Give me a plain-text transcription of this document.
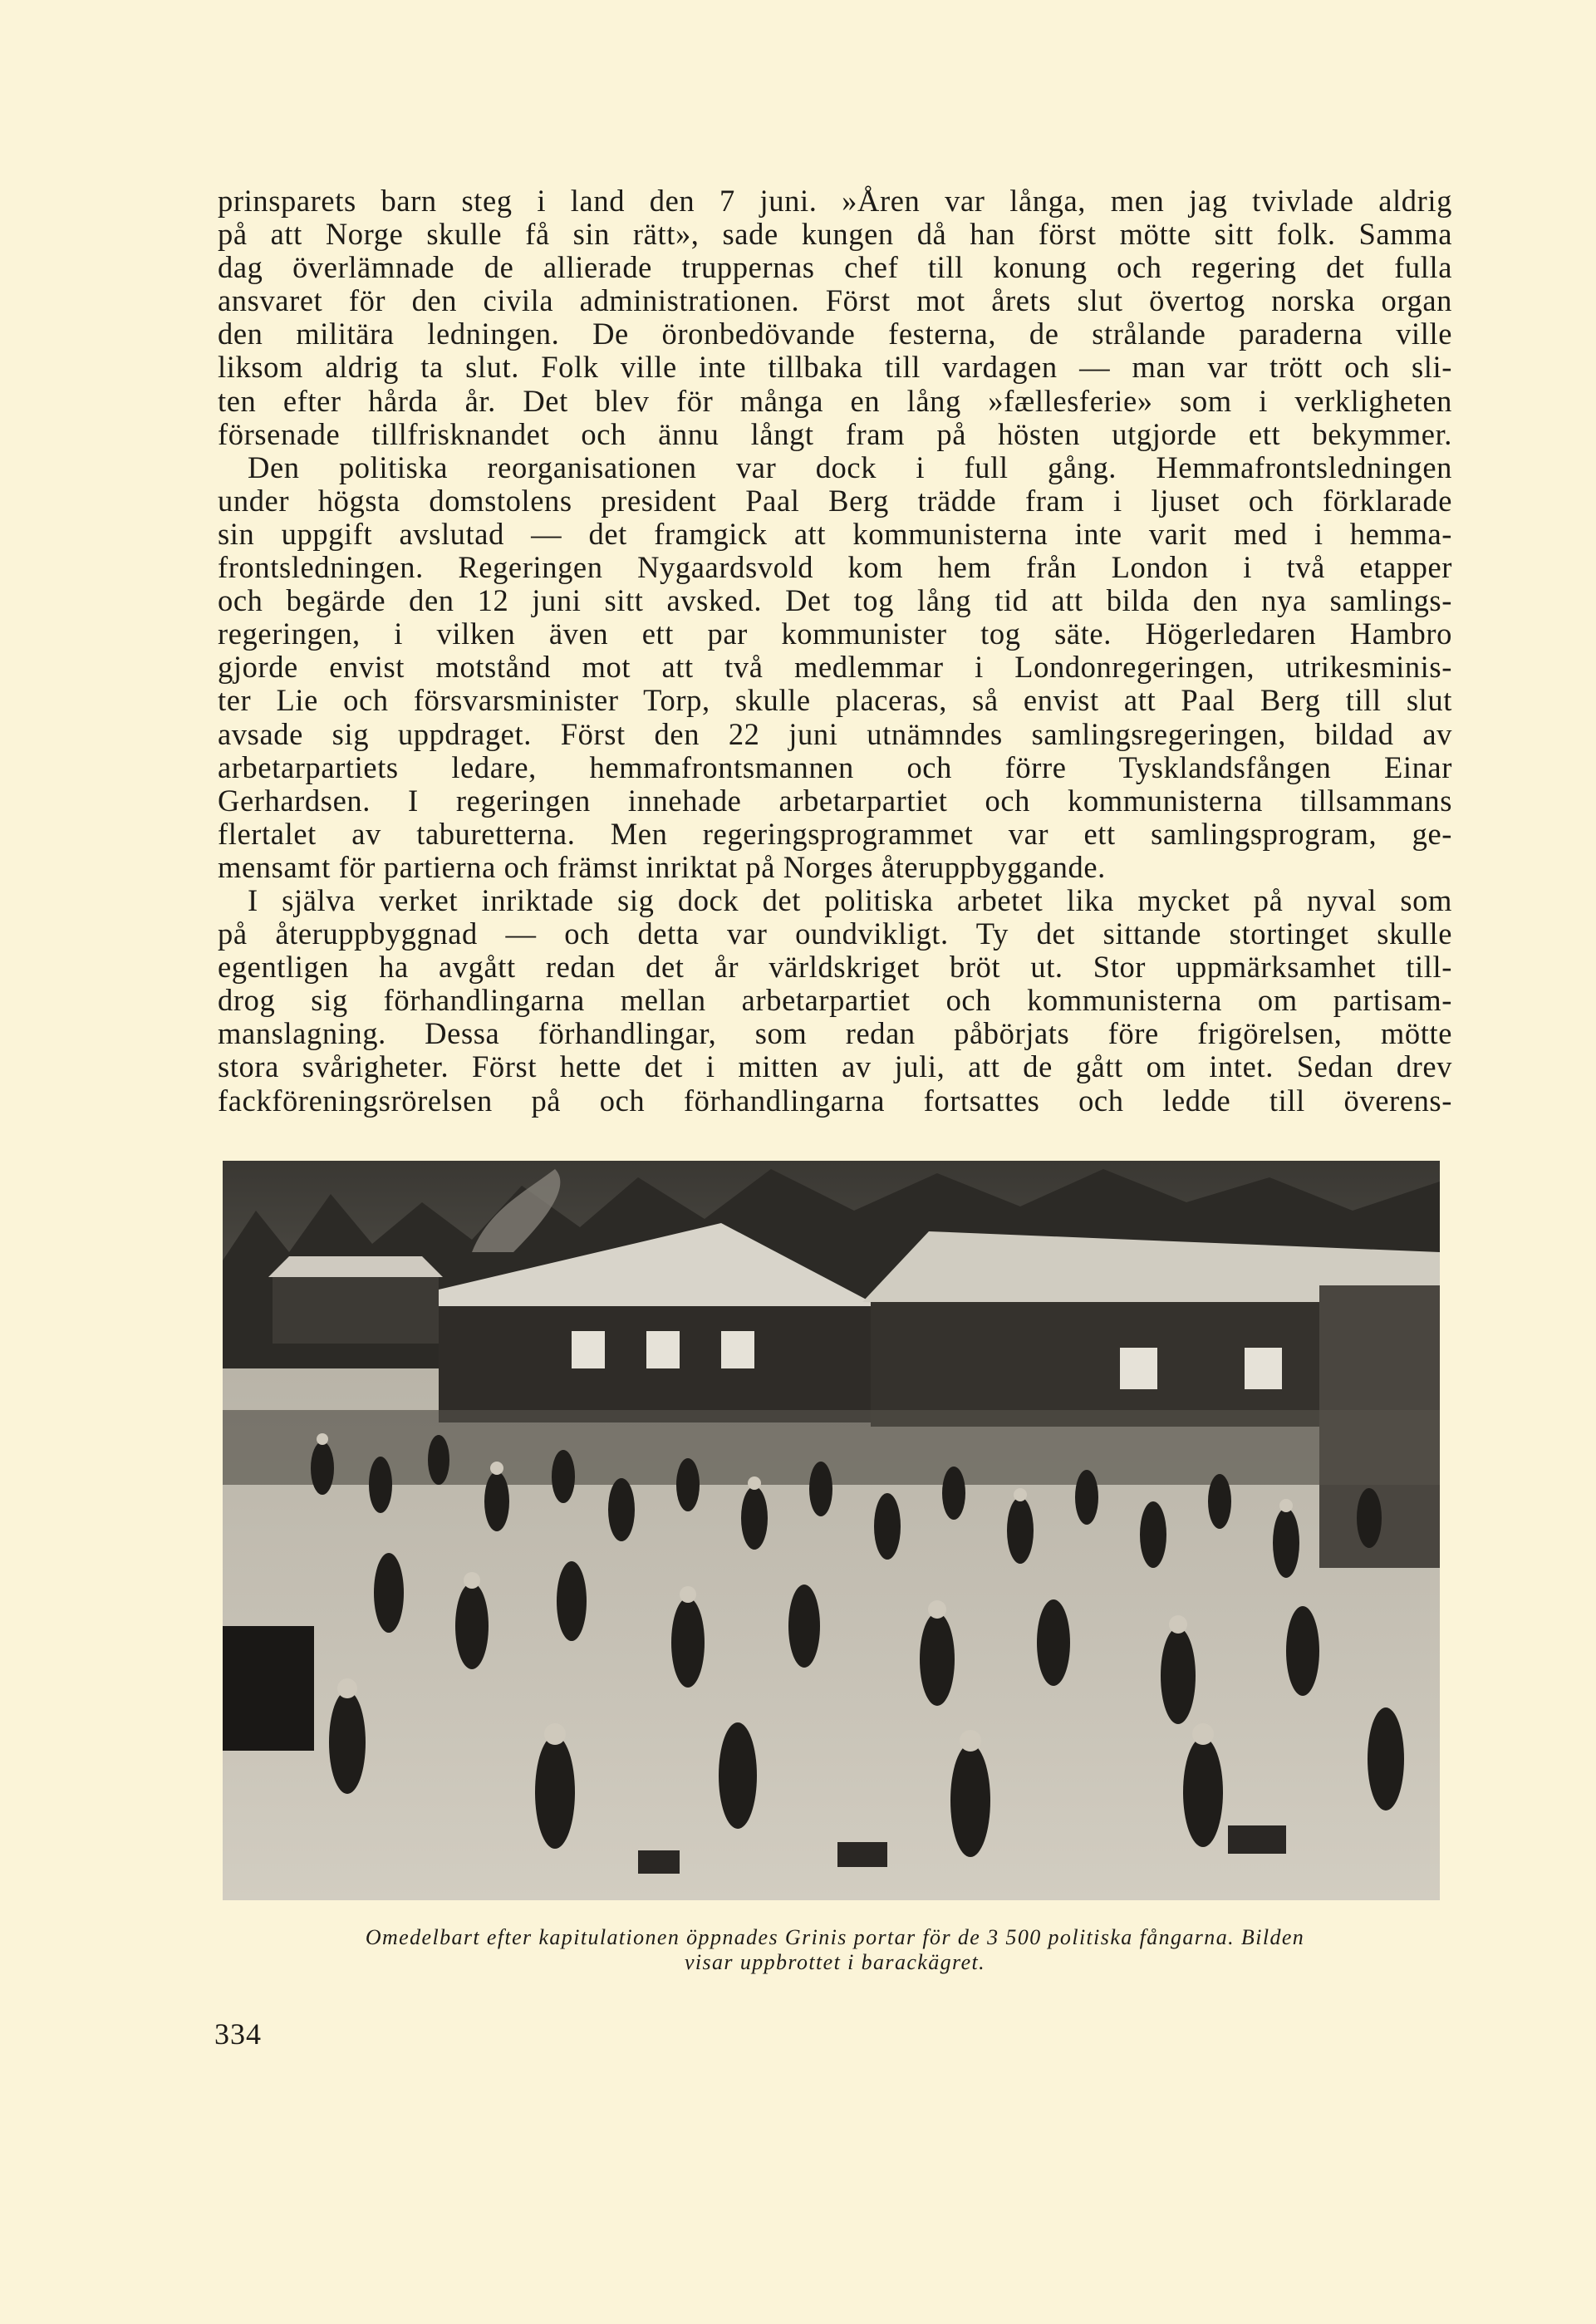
prinsparets barn steg i land den 7 juni. »Åren var långa, men jag tvivlade aldrig
på att Norge skulle få sin rätt», sade kungen då han först mötte sitt folk. Samma
dag överlämnade de allierade truppernas chef till konung och regering det fulla
ansvaret för den civila administrationen. Först mot årets slut övertog norska organ
den militära ledningen. De öronbedövande festerna, de strålande paraderna ville
liksom aldrig ta slut. Folk ville inte tillbaka till vardagen — man var trött och sli-
ten efter hårda år. Det blev för många en lång »fællesferie» som i verkligheten
försenade tillfrisknandet och ännu långt fram på hösten utgjorde ett bekymmer.
Den politiska reorganisationen var dock i full gång. Hemmafrontsledningen
under högsta domstolens president Paal Berg trädde fram i ljuset och förklarade
sin uppgift avslutad — det framgick att kommunisterna inte varit med i hemma-
frontsledningen. Regeringen Nygaardsvold kom hem från London i två etapper
och begärde den 12 juni sitt avsked. Det tog lång tid att bilda den nya samlings-
regeringen, i vilken även ett par kommunister tog säte. Högerledaren Hambro
gjorde envist motstånd mot att två medlemmar i Londonregeringen, utrikesminis-
ter Lie och försvarsminister Torp, skulle placeras, så envist att Paal Berg till slut
avsade sig uppdraget. Först den 22 juni utnämndes samlingsregeringen, bildad av
arbetarpartiets ledare, hemmafrontsmannen och förre Tysklandsfången Einar
Gerhardsen. I regeringen innehade arbetarpartiet och kommunisterna tillsammans
flertalet av taburetterna. Men regeringsprogrammet var ett samlingsprogram, ge-
mensamt för partierna och främst inriktat på Norges återuppbyggande.
I själva verket inriktade sig dock det politiska arbetet lika mycket på nyval som
på återuppbyggnad — och detta var oundvikligt. Ty det sittande stortinget skulle
egentligen ha avgått redan det år världskriget bröt ut. Stor uppmärksamhet till-
drog sig förhandlingarna mellan arbetarpartiet och kommunisterna om partisam-
manslagning. Dessa förhandlingar, som redan påbörjats före frigörelsen, mötte
stora svårigheter. Först hette det i mitten av juli, att de gått om intet. Sedan drev
fackföreningsrörelsen på och förhandlingarna fortsattes och ledde till överens-
Omedelbart efter kapitulationen öppnades Grinis portar för de 3 500 politiska fångarna. Bilden
visar uppbrottet i barackägret.
334
